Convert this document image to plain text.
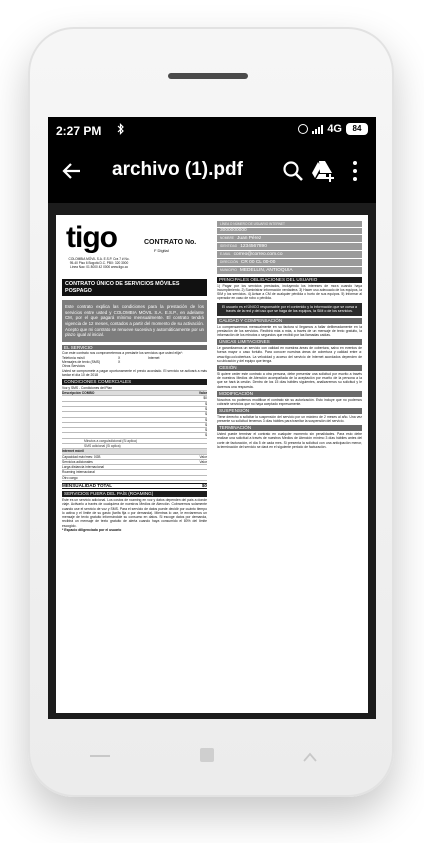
2:27 PM	4G	84
archivo (1).pdf
tigo
COLOMBIA MÓVIL S.A. E.S.P. Cra 7 # No. 95-40 Piso 6 Bogotá D.C. PBX: 320 3000 Línea Nac: 01 8000 42 0000 www.tigo.co
CONTRATO No.
F Digital
CONTRATO ÚNICO DE SERVICIOS MÓVILES POSPAGO
Este contrato explica las condiciones para la prestación de los servicios entre usted y COLOMBIA MÓVIL S.A. E.S.P., en adelante CM, por el que pagará mínimo mensualmente. El contrato tendrá vigencia de 12 meses, contados a partir del momento de su activación. Acepto que mi contrato se renueve sucesiva y automáticamente por un plazo igual al inicial.
EL SERVICIO
Con este contrato nos comprometemos a prestarle los servicios que usted elija*:
Telefonía móvil	X	Internet
Mensajes de texto (SMS)	X
Otros Servicios
Usted se compromete a pagar oportunamente el precio acordado. El servicio se activará a más tardar el día 10 de 2018
CONDICIONES COMERCIALES
Voz y SMS - Condiciones del Plan
Descripción COMBO	Valor
$0
$
$
$
$
$
$
$
Minutos a cargo/adicional (Si aplica)
SMS adicional (Si aplica)
Internet móvil
Capacidad máx/mes: 0GB	Valor
Servicios adicionales	Valor
Larga distancia internacional
Roaming internacional
Otro cargo
MENSUALIDAD TOTAL	$0
SERVICIOS FUERA DEL PAÍS (ROAMING)
Este es un servicio adicional. Los costos de roaming en voz y datos dependen del país a donde viaje. Activarlo a través de cualquiera de nuestros Medios de Atención. Cobraremos solamente cuando use el servicio de voz y SMS. Para el servicio de datos puede decidir por cuánto tiempo lo activa y el límite de su gasto (tarifa fija o por demanda). Mientras lo use, le enviaremos un mensaje de texto gratuito informándole su consumo en datos. Si escoge datos por demanda, recibirá un mensaje de texto gratuito de alerta cuando haya consumido el 80% del límite escogido.
* Espacio diligenciado por el usuario
LÍNEA O NÚMERO DE USUARIO INTERNET
3000000000
NOMBRE Juan Pérez
IDENTIDAD 1234567890
E-MAIL correo@correo.com.co
DIRECCIÓN CR 00 CL 00-00
MUNICIPIO MEDELLIN, ANTIOQUIA
PRINCIPALES OBLIGACIONES DEL USUARIO
1) Pagar por los servicios prestados, incluyendo los intereses de mora cuando haya incumplimiento. 2) Suministrar información verdadera. 3) Hacer uso adecuado de los equipos, la SIM y los servicios. 4) Avisar a CM de cualquier pérdida o hurto de sus equipos. 5) Informar al operador en caso de robo o pérdida.
El usuario es el ÚNICO responsable por el contenido y la información que se cursa a través de la red y del uso que se haga de los equipos, la SIM o de los servicios.
CALIDAD Y COMPENSACIÓN
Lo compensaremos mensualmente en su factura si llegamos a fallar deliberadamente en la prestación de los servicios. Recibirá más a más, a través de un mensaje de texto gratuito, la información de los minutos o segundos que recibió por las llamadas caídas.
ÚNICAS LIMITACIONES
Le garantizamos un servicio con calidad en nuestras áreas de cobertura, salvo en eventos de fuerza mayor o caso fortuito. Para conocer nuestras áreas de cobertura y calidad entre a: www.tigo.co/cobertura. La velocidad y acceso del servicio de Internet acordados dependen de su ubicación y del equipo que tenga.
CESIÓN
Si quiere ceder este contrato a otra persona, debe presentar una solicitud por escrito a través de nuestros Medios de Atención acompañada de la aceptación por escrito de la persona a la que se hará la cesión. Dentro de los 15 días hábiles siguientes, analizaremos su solicitud y le daremos una respuesta.
MODIFICACIÓN
Nosotros no podemos modificar el contrato sin su autorización. Esto incluye que no podemos cobrarle servicios que no haya aceptado expresamente.
SUSPENSIÓN
Tiene derecho a solicitar la suspensión del servicio por un máximo de 2 meses al año. Una vez presente su solicitud tenemos 3 días hábiles para tramitar la suspensión del servicio.
TERMINACIÓN
Usted puede terminar el contrato en cualquier momento sin penalidades. Para esto debe realizar una solicitud a través de nuestros Medios de Atención mínimo 3 días hábiles antes del corte de facturación, el día 5 de cada mes. Si presenta la solicitud con una anticipación menor, la terminación del servicio se dará en el siguiente periodo de facturación.
